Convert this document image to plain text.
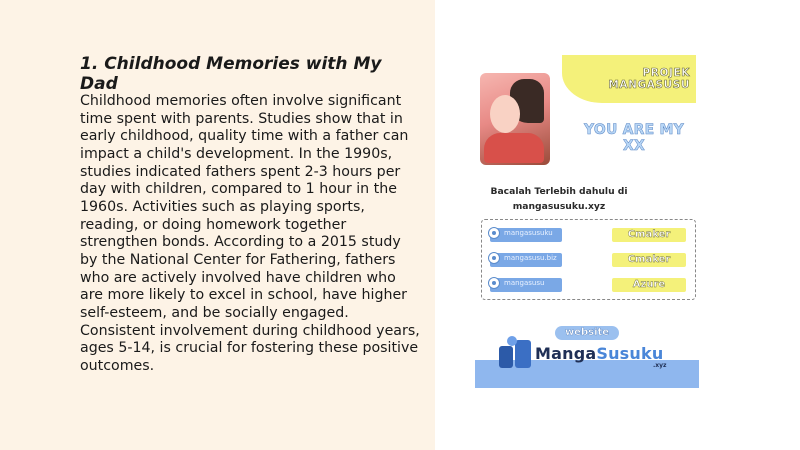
1. Childhood Memories with My Dad

Childhood memories often involve significant time spent with parents. Studies show that in early childhood, quality time with a father can impact a child's development. In the 1990s, studies indicated fathers spent 2-3 hours per day with children, compared to 1 hour in the 1960s. Activities such as playing sports, reading, or doing homework together strengthen bonds. According to a 2015 study by the National Center for Fathering, fathers who are actively involved have children who are more likely to excel in school, have higher self-esteem, and be socially engaged. Consistent involvement during childhood years, ages 5-14, is crucial for fostering these positive outcomes.

PROJEK
MANGASUSU
YOU ARE MY XX
Bacalah Terlebih dahulu di
mangasusuku.xyz
mangasusuku	Cmaker
mangasusu.biz	Cmaker
mangasusu	Azure
website
MangaSusuku
.xyz
